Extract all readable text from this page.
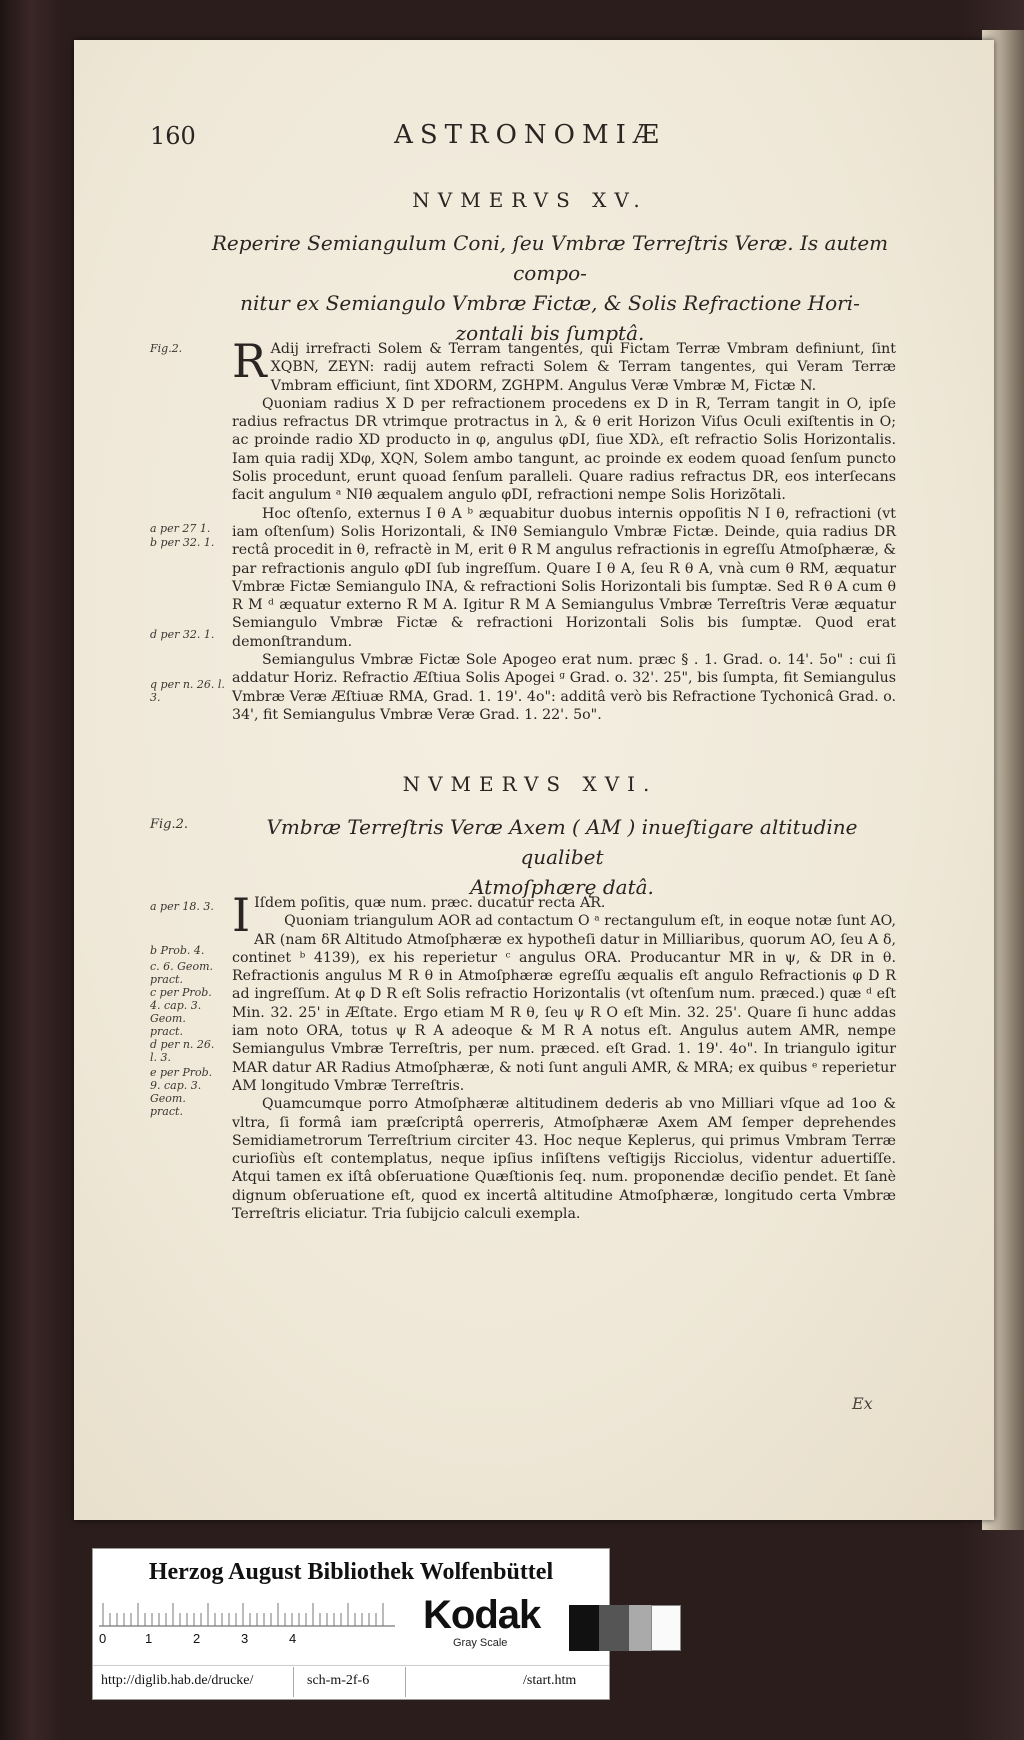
160	ASTRONOMIÆ
NVMERVS XV.
Reperire Semiangulum Coni, ſeu Vmbræ Terreſtris Veræ. Is autem compo-
nitur ex Semiangulo Vmbræ Fictæ, & Solis Refractione Hori-
zontali bis ſumptâ.
Fig.2.
a per 27 1.
b per 32. 1.
d per 32. 1.
q per n. 26. l. 3.

R Adij irrefracti Solem & Terram tangentes, qui Fictam Terræ Vmbram definiunt, ſint XQBN, ZEYN: radij autem refracti Solem & Terram tangentes, qui Veram Terræ Vmbram efficiunt, ſint XDORM, ZGHPM. Angulus Veræ Vmbræ M, Fictæ N.

Quoniam radius X D per refractionem procedens ex D in R, Terram tangit in O, ipſe radius refractus DR vtrimque protractus in λ, & θ erit Horizon Viſus Oculi exiſtentis in O; ac proinde radio XD producto in φ, angulus φDI, ſiue XDλ, eſt refractio Solis Horizontalis. Iam quia radij XDφ, XQN, Solem ambo tangunt, ac proinde ex eodem quoad ſenſum puncto Solis procedunt, erunt quoad ſenſum paralleli. Quare radius refractus DR, eos interſecans facit angulum ᵃ NIθ æqualem angulo φDI, refractioni nempe Solis Horizõtali.

Hoc oſtenſo, externus I θ A ᵇ æquabitur duobus internis oppoſitis N I θ, refractioni (vt iam oſtenſum) Solis Horizontali, & INθ Semiangulo Vmbræ Fictæ. Deinde, quia radius DR rectâ procedit in θ, refractè in M, erit θ R M angulus refractionis in egreſſu Atmoſphæræ, & par refractionis angulo φDI ſub ingreſſum. Quare I θ A, ſeu R θ A, vnà cum θ RM, æquatur Vmbræ Fictæ Semiangulo INA, & refractioni Solis Horizontali bis ſumptæ. Sed R θ A cum θ R M ᵈ æquatur externo R M A. Igitur R M A Semiangulus Vmbræ Terreſtris Veræ æquatur Semiangulo Vmbræ Fictæ & refractioni Horizontali Solis bis ſumptæ. Quod erat demonſtrandum.

Semiangulus Vmbræ Fictæ Sole Apogeo erat num. præc § . 1. Grad. o. 14'. 5o" : cui ſi addatur Horiz. Refractio Æſtiua Solis Apogei ᵍ Grad. o. 32'. 25", bis ſumpta, fit Semiangulus Vmbræ Veræ Æſtiuæ RMA, Grad. 1. 19'. 4o": additâ verò bis Refractione Tychonicâ Grad. o. 34', fit Semiangulus Vmbræ Veræ Grad. 1. 22'. 5o".

NVMERVS XVI.
Fig.2.	Vmbræ Terreſtris Veræ Axem ( AM ) inueſtigare altitudine qualibet
Atmoſphærę datâ.
a per 18. 3.
b Prob. 4.
c. 6. Geom.
pract.
c per Prob.
4. cap. 3.
Geom.
pract.
d per n. 26.
l. 3.
e per Prob.
9. cap. 3.
Geom.
pract.

I Iſdem poſitis, quæ num. præc. ducatur recta AR.

Quoniam triangulum AOR ad contactum O ᵃ rectangulum eſt, in eoque notæ ſunt AO, AR (nam δR Altitudo Atmoſphæræ ex hypotheſi datur in Milliaribus, quorum AO, ſeu A δ, continet ᵇ 4139), ex his reperietur ᶜ angulus ORA. Producantur MR in ψ, & DR in θ. Refractionis angulus M R θ in Atmoſphæræ egreſſu æqualis eſt angulo Refractionis φ D R ad ingreſſum. At φ D R eſt Solis refractio Horizontalis (vt oſtenſum num. præced.) quæ ᵈ eſt Min. 32. 25' in Æſtate. Ergo etiam M R θ, ſeu ψ R O eſt Min. 32. 25'. Quare ſi hunc addas iam noto ORA, totus ψ R A adeoque & M R A notus eſt. Angulus autem AMR, nempe Semiangulus Vmbræ Terreſtris, per num. præced. eſt Grad. 1. 19'. 4o". In triangulo igitur MAR datur AR Radius Atmoſphæræ, & noti ſunt anguli AMR, & MRA; ex quibus ᵉ reperietur AM longitudo Vmbræ Terreſtris.

Quamcumque porro Atmoſphæræ altitudinem dederis ab vno Milliari vſque ad 1oo & vltra, ſi formâ iam præſcriptâ operreris, Atmoſphæræ Axem AM ſemper deprehendes Semidiametrorum Terreſtrium circiter 43. Hoc neque Keplerus, qui primus Vmbram Terræ curioſiùs eſt contemplatus, neque ipſius inſiſtens veſtigijs Ricciolus, videntur aduertiſſe. Atqui tamen ex iſtâ obſeruatione Quæſtionis ſeq. num. proponendæ deciſio pendet. Et ſanè dignum obſeruatione eſt, quod ex incertâ altitudine Atmoſphæræ, longitudo certa Vmbræ Terreſtris eliciatur. Tria ſubijcio calculi exempla.

Ex
Herzog August Bibliothek Wolfenbüttel
0	1	2	3	4
Kodak
Gray Scale
http://diglib.hab.de/drucke/	sch-m-2f-6	/start.htm
